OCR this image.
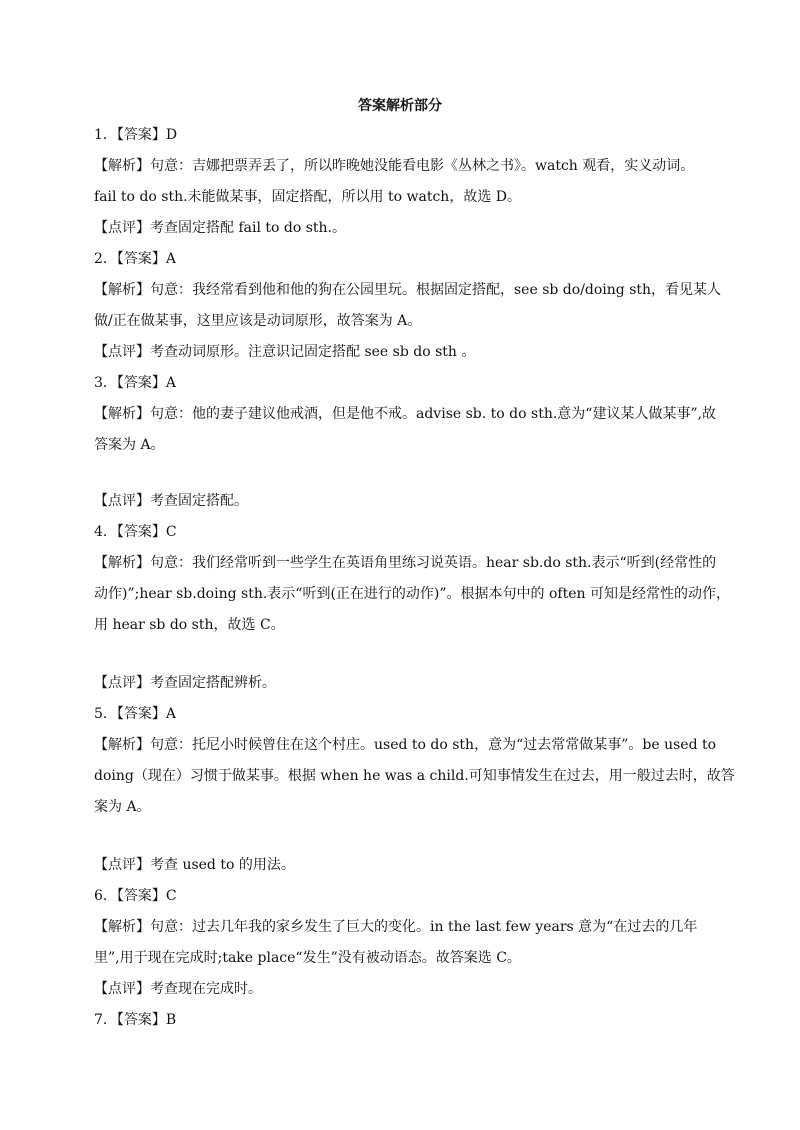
答案解析部分
1．【答案】D
【解析】句意：吉娜把票弄丢了，所以昨晚她没能看电影《丛林之书》。watch 观看，实义动词。
fail to do sth.未能做某事，固定搭配，所以用 to watch，故选 D。
【点评】考查固定搭配 fail to do sth.。
2．【答案】A
【解析】句意：我经常看到他和他的狗在公园里玩。根据固定搭配，see sb do/doing sth，看见某人
做/正在做某事，这里应该是动词原形，故答案为 A。
【点评】考查动词原形。注意识记固定搭配 see sb do sth 。
3．【答案】A
【解析】句意：他的妻子建议他戒酒，但是他不戒。advise sb. to do sth.意为“建议某人做某事”,故
答案为 A。
【点评】考查固定搭配。
4．【答案】C
【解析】句意：我们经常听到一些学生在英语角里练习说英语。hear sb.do sth.表示“听到(经常性的
动作)”;hear sb.doing sth.表示“听到(正在进行的动作)”。根据本句中的 often 可知是经常性的动作，
用 hear sb do sth，故选 C。
【点评】考查固定搭配辨析。
5．【答案】A
【解析】句意：托尼小时候曾住在这个村庄。used to do sth，意为“过去常常做某事”。be used to
doing（现在）习惯于做某事。根据 when he was a child.可知事情发生在过去，用一般过去时，故答
案为 A。
【点评】考查 used to 的用法。
6．【答案】C
【解析】句意：过去几年我的家乡发生了巨大的变化。in the last few years 意为“在过去的几年
里”,用于现在完成时;take place“发生”没有被动语态。故答案选 C。
【点评】考查现在完成时。
7．【答案】B
